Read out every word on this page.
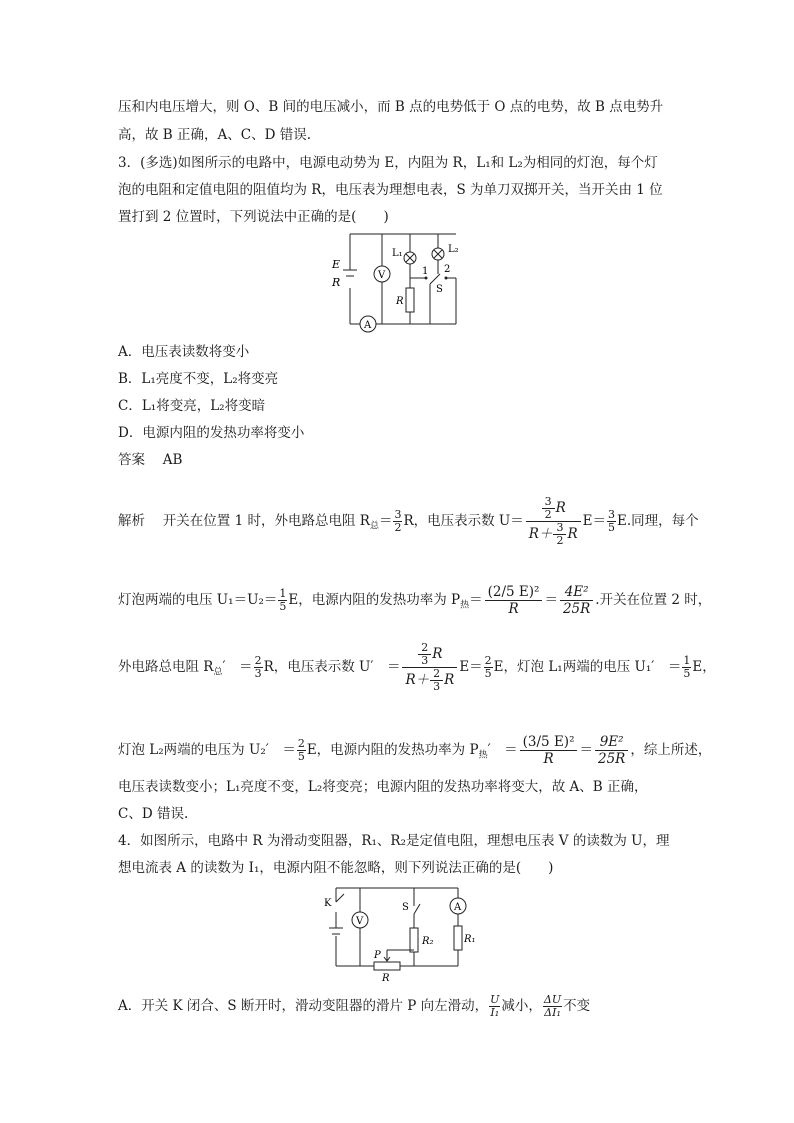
压和内电压增大，则 O、B 间的电压减小，而 B 点的电势低于 O 点的电势，故 B 点电势升
高，故 B 正确，A、C、D 错误.
3．(多选)如图所示的电路中，电源电动势为 E，内阻为 R，L₁和 L₂为相同的灯泡，每个灯
泡的电阻和定值电阻的阻值均为 R，电压表为理想电表，S 为单刀双掷开关，当开关由 1 位
置打到 2 位置时，下列说法中正确的是(　　)
E
R
V
A
L₁	L₂
1 2
S
R
A．电压表读数将变小
B．L₁亮度不变，L₂将变亮
C．L₁将变亮，L₂将变暗
D．电源内阻的发热功率将变小
答案　 AB
解析　 开关在位置 1 时，外电路总电阻 $R_总= \frac{3}{2}$ R，电压表示数 $U= \frac{\frac{3}{2} R}{R+ \frac{3}{2} R} E= \frac{3}{5} E$.同理，每个
灯泡两端的电压 $U_1=U_2= \frac{1}{5}$ E，电源内阻的发热功率为 $P_热= \frac{\text{(2/5 E)²}}{R} = \frac{\text{4E²}}{25R}$ .开关在位置 2 时，
外电路总电阻 $R_总'$　＝ $\frac{2}{3}$ R，电压表示数 U′　＝ $\frac{\frac{2}{3} R}{R+ \frac{2}{3} R} E= \frac{2}{5}$ E，灯泡 L₁两端的电压 U₁′　＝ $\frac{1}{5}$ E，
灯泡 L₂两端的电压为 U₂′　＝ $\frac{2}{5}$ E，电源内阻的发热功率为 $P_热'$　＝ $\frac{\text{(3/5 E)²}}{R} = \frac{\text{9E²}}{25R}$ ，综上所述，
电压表读数变小；L₁亮度不变，L₂将变亮；电源内阻的发热功率将变大，故 A、B 正确，
C、D 错误.
4．如图所示，电路中 R 为滑动变阻器，R₁、R₂是定值电阻，理想电压表 V 的读数为 U，理
想电流表 A 的读数为 I₁，电源内阻不能忽略，则下列说法正确的是(　　)
K
V
S	A
R₂	R₁
P
R
A．开关 K 闭合、S 断开时，滑动变阻器的滑片 P 向左滑动， $\frac{U}{\text{I₁}}$ 减小， $\frac{\Delta U}{\text{ΔI₁}}$ 不变
